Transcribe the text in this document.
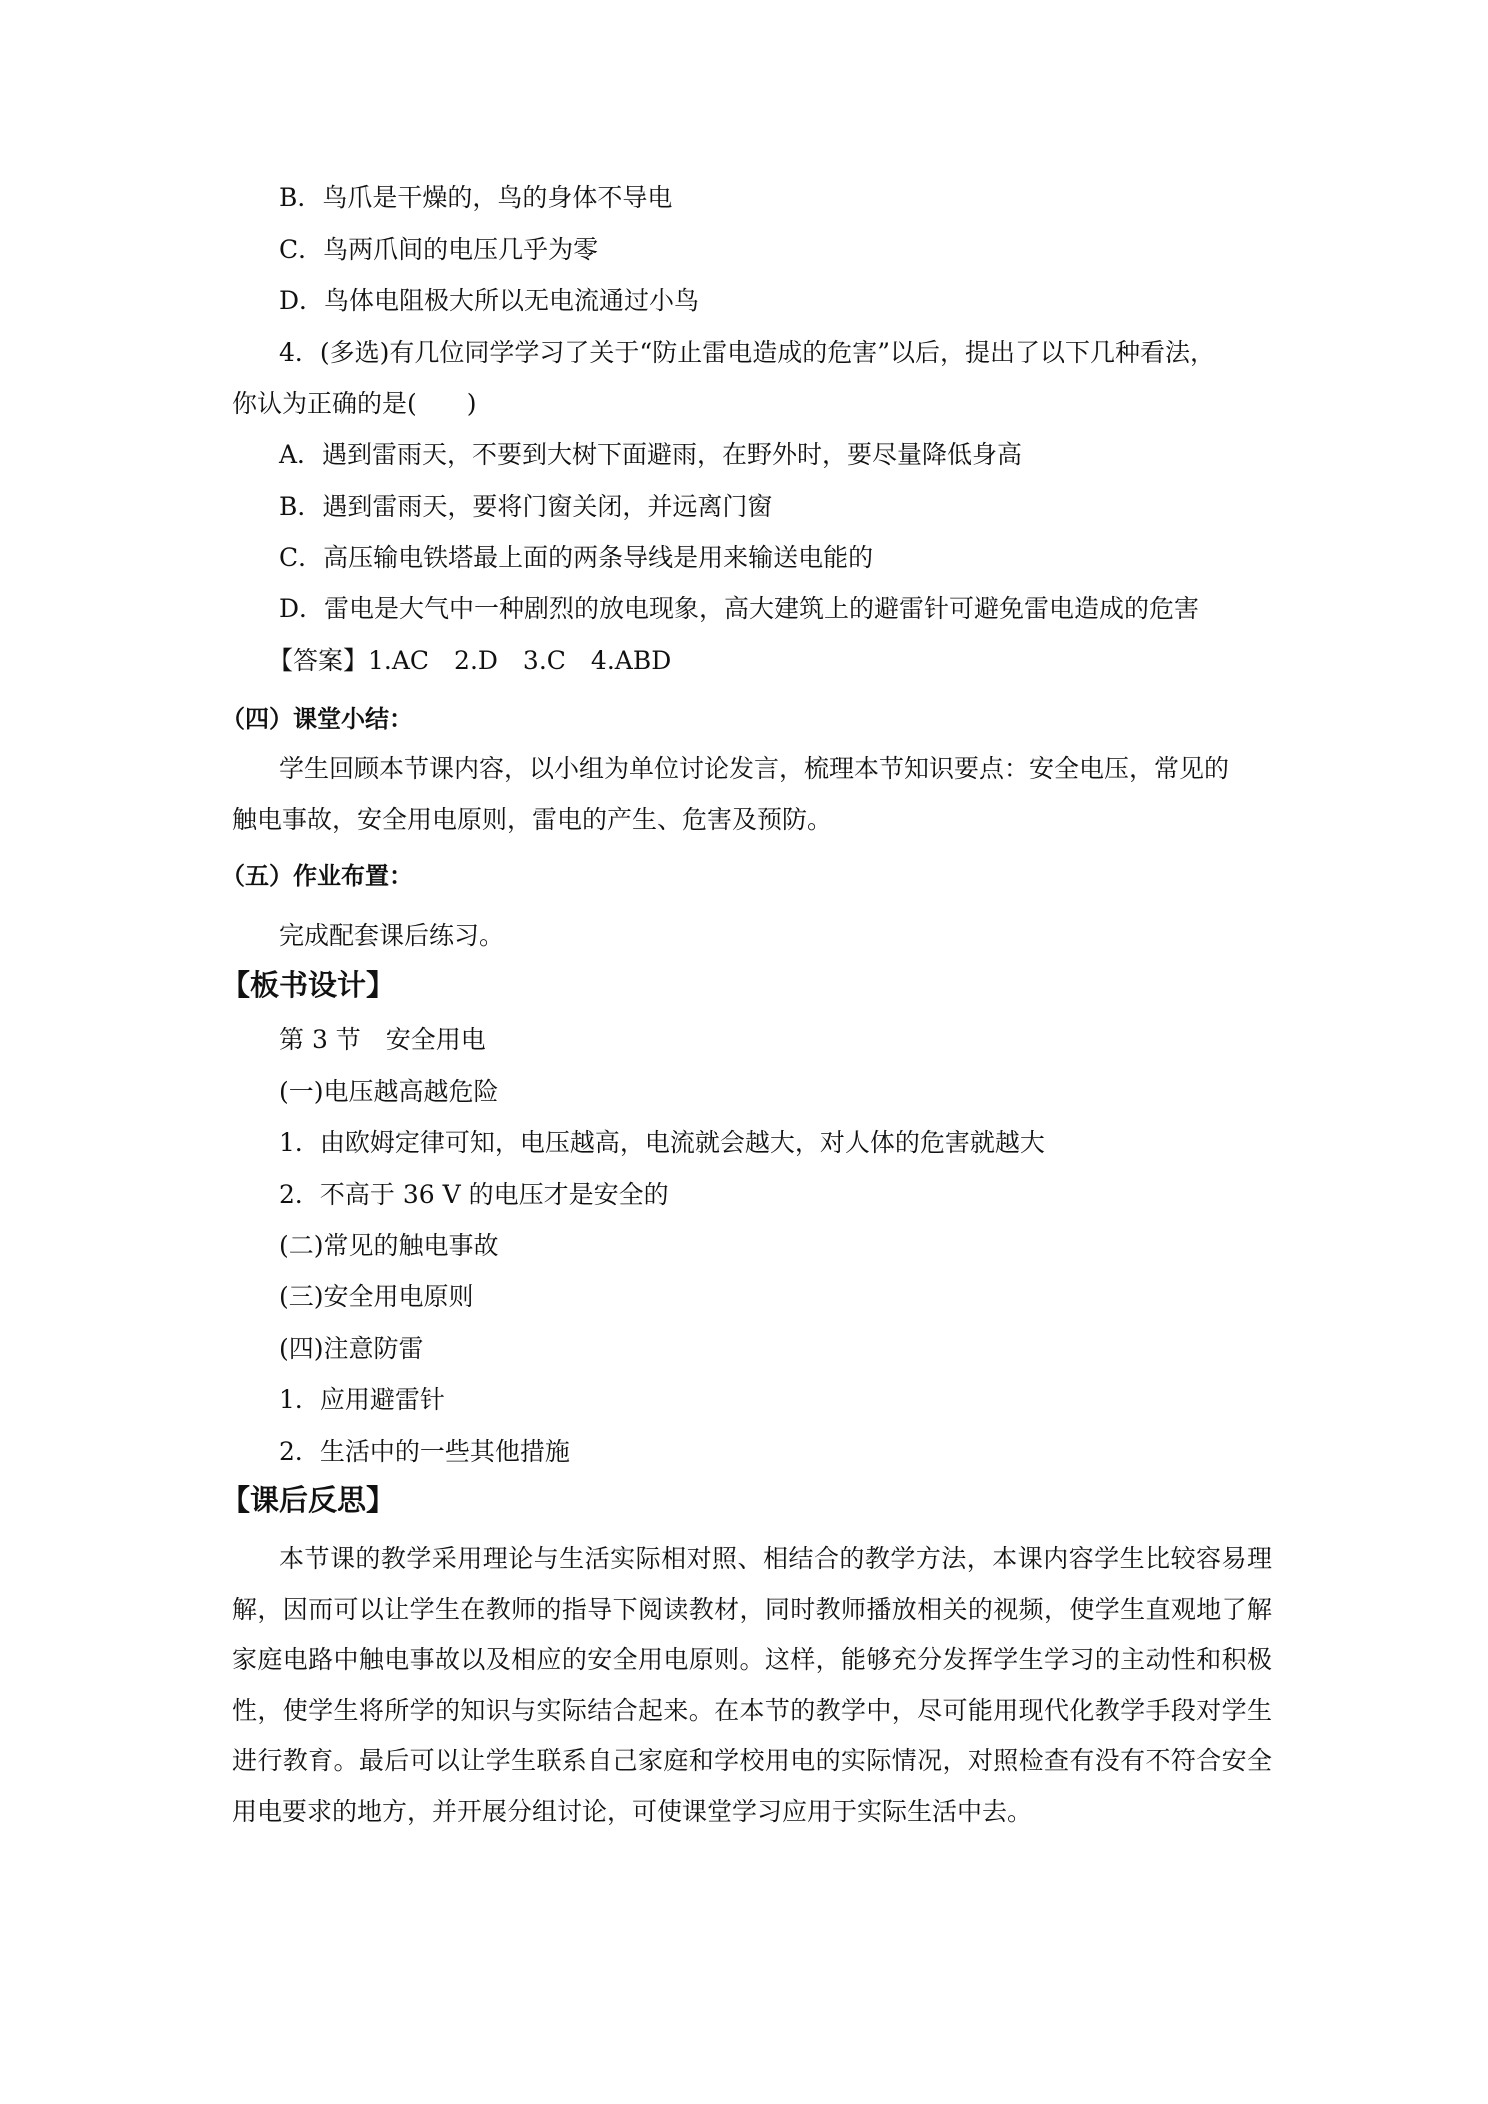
B．鸟爪是干燥的，鸟的身体不导电
C．鸟两爪间的电压几乎为零
D．鸟体电阻极大所以无电流通过小鸟
4．(多选)有几位同学学习了关于“防止雷电造成的危害”以后，提出了以下几种看法，
你认为正确的是(　　)
A．遇到雷雨天，不要到大树下面避雨，在野外时，要尽量降低身高
B．遇到雷雨天，要将门窗关闭，并远离门窗
C．高压输电铁塔最上面的两条导线是用来输送电能的
D．雷电是大气中一种剧烈的放电现象，高大建筑上的避雷针可避免雷电造成的危害
【答案】1.AC　2.D　3.C　4.ABD
（四）课堂小结：
学生回顾本节课内容，以小组为单位讨论发言，梳理本节知识要点：安全电压，常见的
触电事故，安全用电原则，雷电的产生、危害及预防。
（五）作业布置：
完成配套课后练习。
【板书设计】
第 3 节　安全用电
(一)电压越高越危险
1．由欧姆定律可知，电压越高，电流就会越大，对人体的危害就越大
2．不高于 36 V 的电压才是安全的
(二)常见的触电事故
(三)安全用电原则
(四)注意防雷
1．应用避雷针
2．生活中的一些其他措施
【课后反思】
本节课的教学采用理论与生活实际相对照、相结合的教学方法，本课内容学生比较容易理解，因而可以让学生在教师的指导下阅读教材，同时教师播放相关的视频，使学生直观地了解家庭电路中触电事故以及相应的安全用电原则。这样，能够充分发挥学生学习的主动性和积极性，使学生将所学的知识与实际结合起来。在本节的教学中，尽可能用现代化教学手段对学生进行教育。最后可以让学生联系自己家庭和学校用电的实际情况，对照检查有没有不符合安全用电要求的地方，并开展分组讨论，可使课堂学习应用于实际生活中去。
